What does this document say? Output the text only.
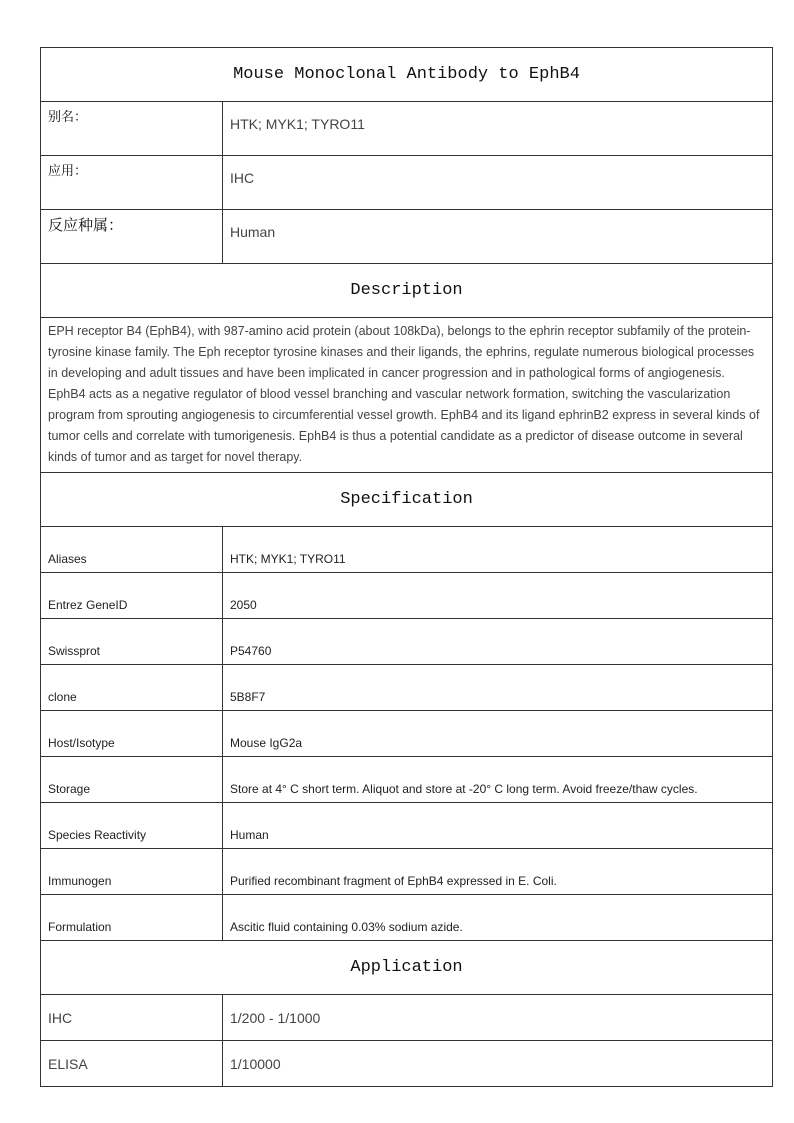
Mouse Monoclonal Antibody to EphB4	
别名：	HTK; MYK1; TYRO11
应用：	IHC
反应种属：	Human
Description	
EPH receptor B4 (EphB4), with 987-amino acid protein (about 108kDa), belongs to the ephrin receptor subfamily of the protein-tyrosine kinase family. The Eph receptor tyrosine kinases and their ligands, the ephrins, regulate numerous biological processes in developing and adult tissues and have been implicated in cancer progression and in pathological forms of angiogenesis. EphB4 acts as a negative regulator of blood vessel branching and vascular network formation, switching the vascularization program from sprouting angiogenesis to circumferential vessel growth. EphB4 and its ligand ephrinB2 express in several kinds of tumor cells and correlate with tumorigenesis. EphB4 is thus a potential candidate as a predictor of disease outcome in several kinds of tumor and as target for novel therapy.	
Specification	
Aliases	HTK; MYK1; TYRO11
Entrez GeneID	2050
Swissprot	P54760
clone	5B8F7
Host/Isotype	Mouse IgG2a
Storage	Store at 4° C short term. Aliquot and store at -20° C long term. Avoid freeze/thaw cycles.
Species Reactivity	Human
Immunogen	Purified recombinant fragment of EphB4 expressed in E. Coli.
Formulation	Ascitic fluid containing 0.03% sodium azide.
Application	
IHC	1/200 - 1/1000
ELISA	1/10000
